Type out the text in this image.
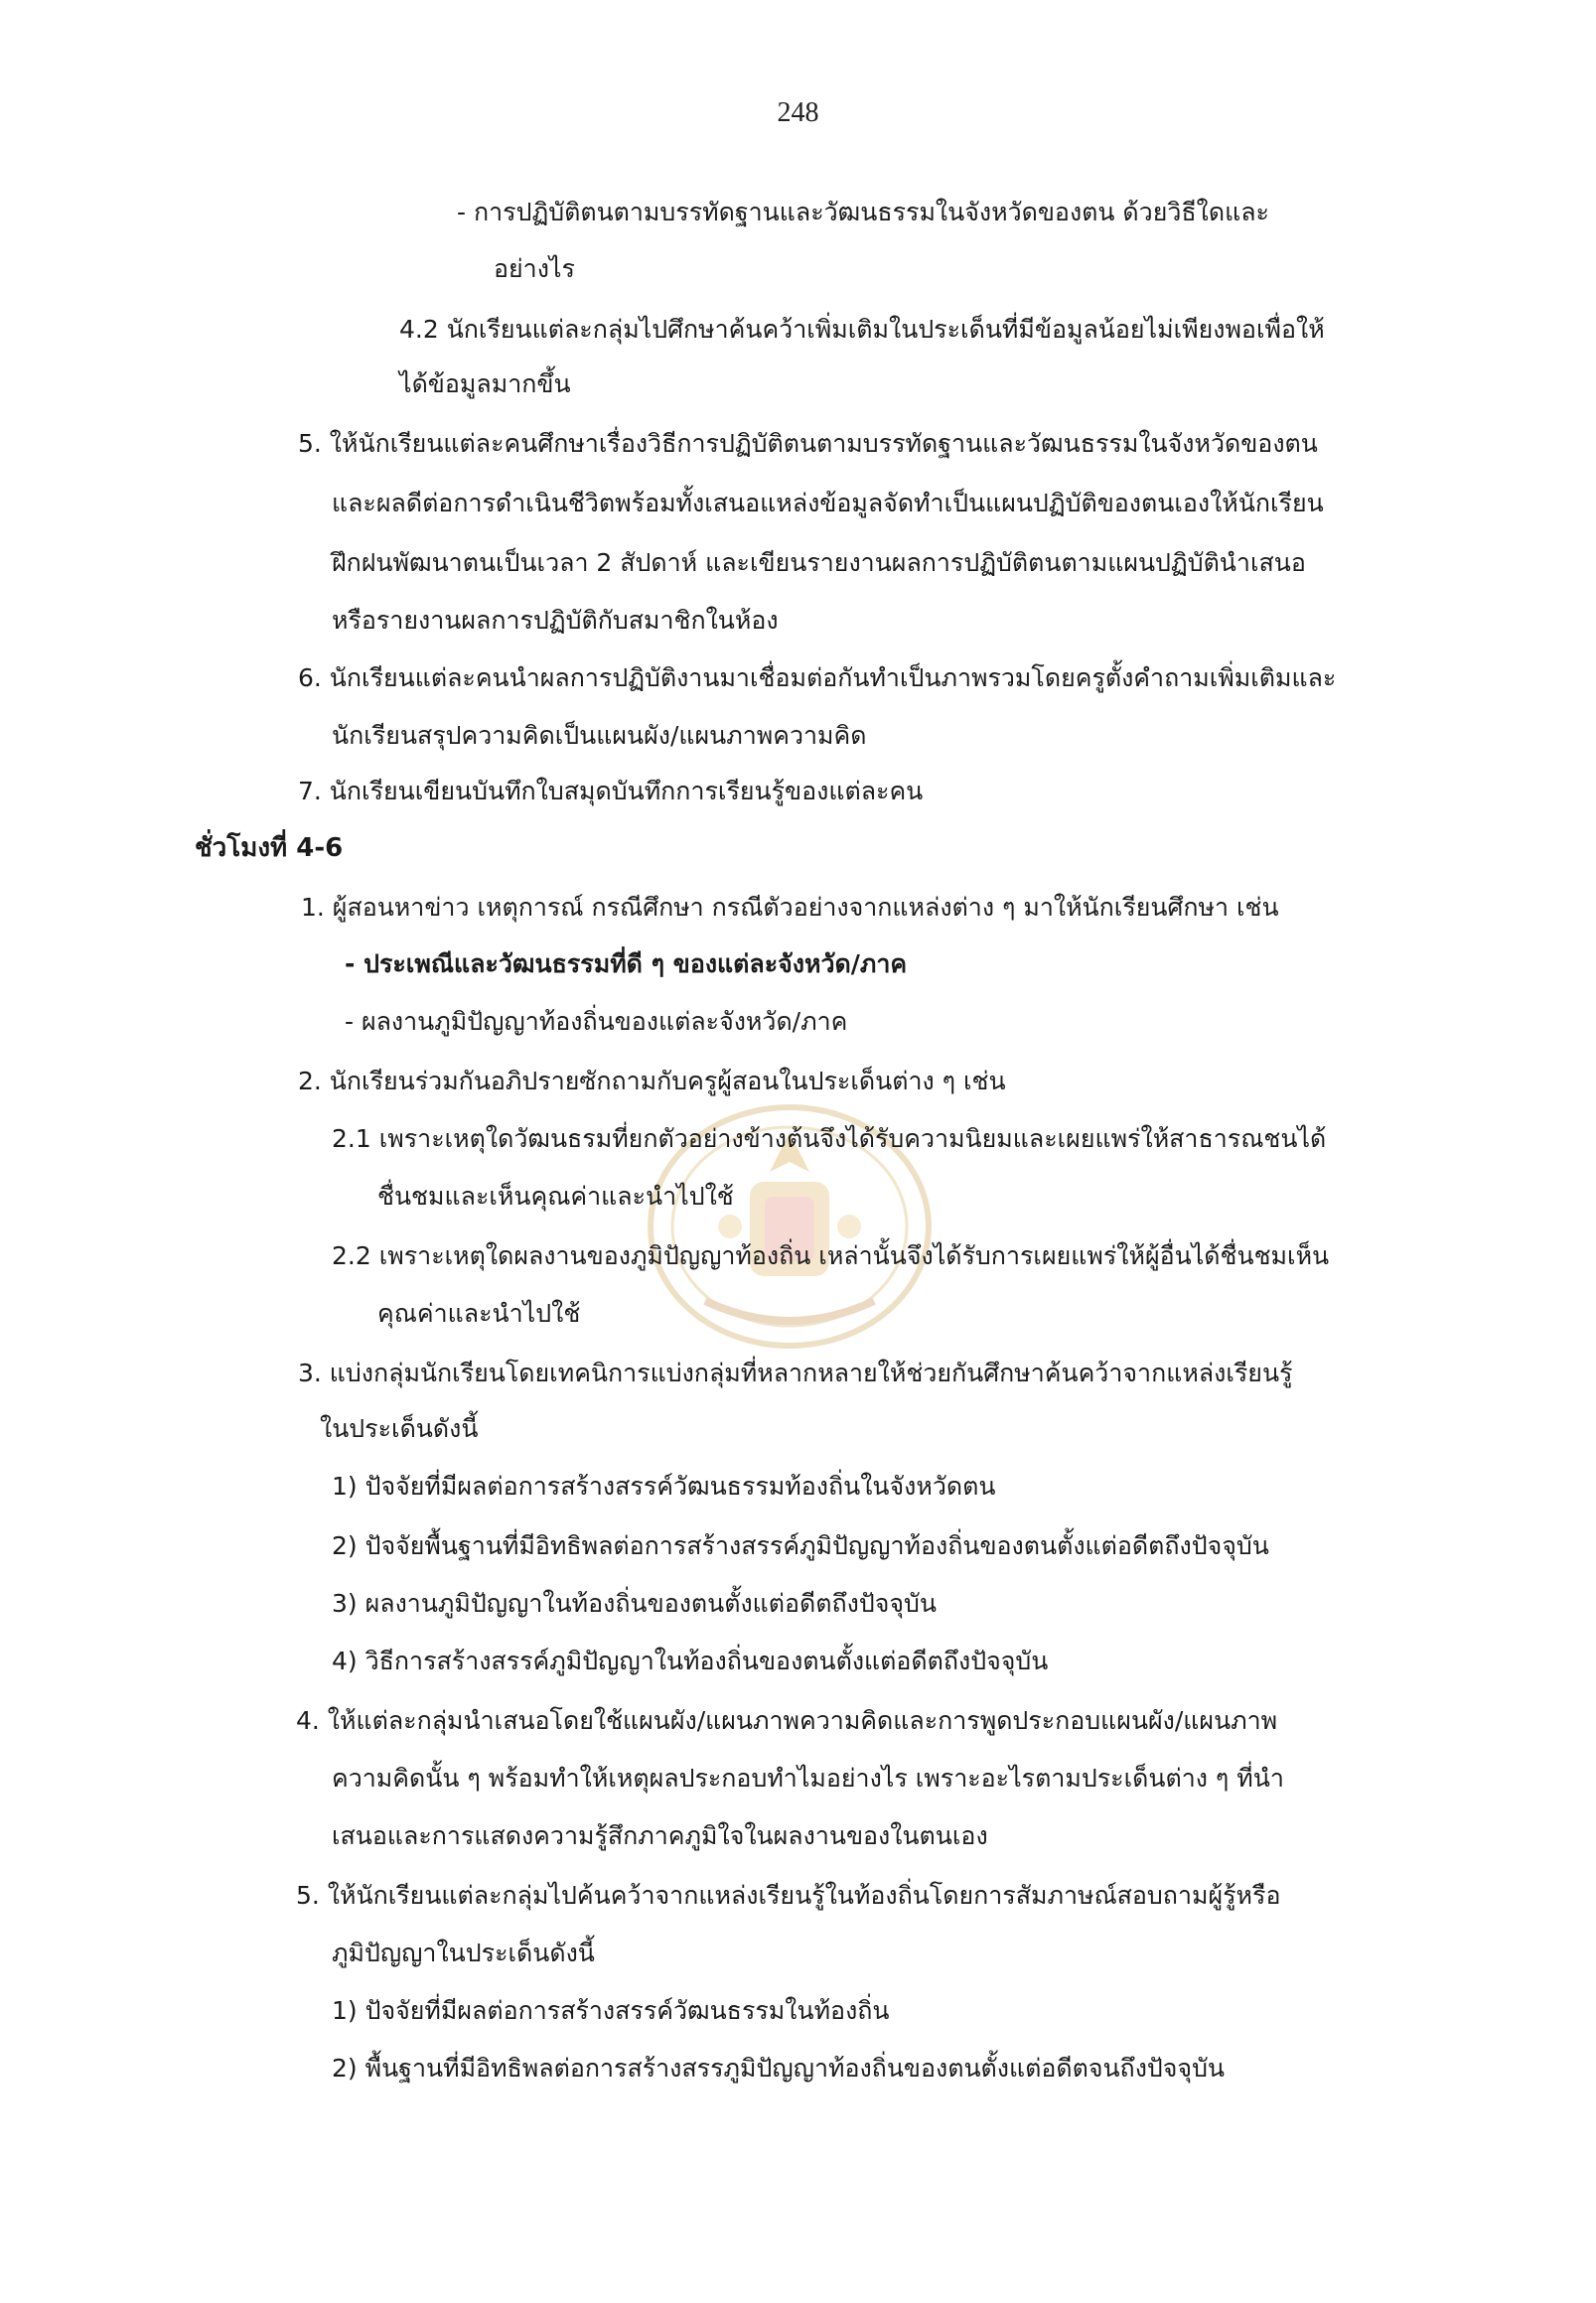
248
- การปฏิบัติตนตามบรรทัดฐานและวัฒนธรรมในจังหวัดของตน ด้วยวิธีใดและ
อย่างไร
4.2 นักเรียนแต่ละกลุ่มไปศึกษาค้นคว้าเพิ่มเติมในประเด็นที่มีข้อมูลน้อยไม่เพียงพอเพื่อให้
ได้ข้อมูลมากขึ้น
5. ให้นักเรียนแต่ละคนศึกษาเรื่องวิธีการปฏิบัติตนตามบรรทัดฐานและวัฒนธรรมในจังหวัดของตน
และผลดีต่อการดำเนินชีวิตพร้อมทั้งเสนอแหล่งข้อมูลจัดทำเป็นแผนปฏิบัติของตนเองให้นักเรียน
ฝึกฝนพัฒนาตนเป็นเวลา 2 สัปดาห์ และเขียนรายงานผลการปฏิบัติตนตามแผนปฏิบัตินำเสนอ
หรือรายงานผลการปฏิบัติกับสมาชิกในห้อง
6. นักเรียนแต่ละคนนำผลการปฏิบัติงานมาเชื่อมต่อกันทำเป็นภาพรวมโดยครูตั้งคำถามเพิ่มเติมและ
นักเรียนสรุปความคิดเป็นแผนผัง/แผนภาพความคิด
7. นักเรียนเขียนบันทึกใบสมุดบันทึกการเรียนรู้ของแต่ละคน
ชั่วโมงที่ 4-6
1. ผู้สอนหาข่าว เหตุการณ์ กรณีศึกษา กรณีตัวอย่างจากแหล่งต่าง ๆ มาให้นักเรียนศึกษา เช่น
- ประเพณีและวัฒนธรรมที่ดี ๆ ของแต่ละจังหวัด/ภาค
- ผลงานภูมิปัญญาท้องถิ่นของแต่ละจังหวัด/ภาค
2. นักเรียนร่วมกันอภิปรายซักถามกับครูผู้สอนในประเด็นต่าง ๆ เช่น
2.1 เพราะเหตุใดวัฒนธรมที่ยกตัวอย่างข้างต้นจึงได้รับความนิยมและเผยแพร่ให้สาธารณชนได้
ชื่นชมและเห็นคุณค่าและนำไปใช้
2.2 เพราะเหตุใดผลงานของภูมิปัญญาท้องถิ่น เหล่านั้นจึงได้รับการเผยแพร่ให้ผู้อื่นได้ชื่นชมเห็น
คุณค่าและนำไปใช้
3. แบ่งกลุ่มนักเรียนโดยเทคนิการแบ่งกลุ่มที่หลากหลายให้ช่วยกันศึกษาค้นคว้าจากแหล่งเรียนรู้
ในประเด็นดังนี้
1) ปัจจัยที่มีผลต่อการสร้างสรรค์วัฒนธรรมท้องถิ่นในจังหวัดตน
2) ปัจจัยพื้นฐานที่มีอิทธิพลต่อการสร้างสรรค์ภูมิปัญญาท้องถิ่นของตนตั้งแต่อดีตถึงปัจจุบัน
3) ผลงานภูมิปัญญาในท้องถิ่นของตนตั้งแต่อดีตถึงปัจจุบัน
4) วิธีการสร้างสรรค์ภูมิปัญญาในท้องถิ่นของตนตั้งแต่อดีตถึงปัจจุบัน
4. ให้แต่ละกลุ่มนำเสนอโดยใช้แผนผัง/แผนภาพความคิดและการพูดประกอบแผนผัง/แผนภาพ
ความคิดนั้น ๆ พร้อมทำให้เหตุผลประกอบทำไมอย่างไร เพราะอะไรตามประเด็นต่าง ๆ ที่นำ
เสนอและการแสดงความรู้สึกภาคภูมิใจในผลงานของในตนเอง
5. ให้นักเรียนแต่ละกลุ่มไปค้นคว้าจากแหล่งเรียนรู้ในท้องถิ่นโดยการสัมภาษณ์สอบถามผู้รู้หรือ
ภูมิปัญญาในประเด็นดังนี้
1) ปัจจัยที่มีผลต่อการสร้างสรรค์วัฒนธรรมในท้องถิ่น
2) พื้นฐานที่มีอิทธิพลต่อการสร้างสรรภูมิปัญญาท้องถิ่นของตนตั้งแต่อดีตจนถึงปัจจุบัน
